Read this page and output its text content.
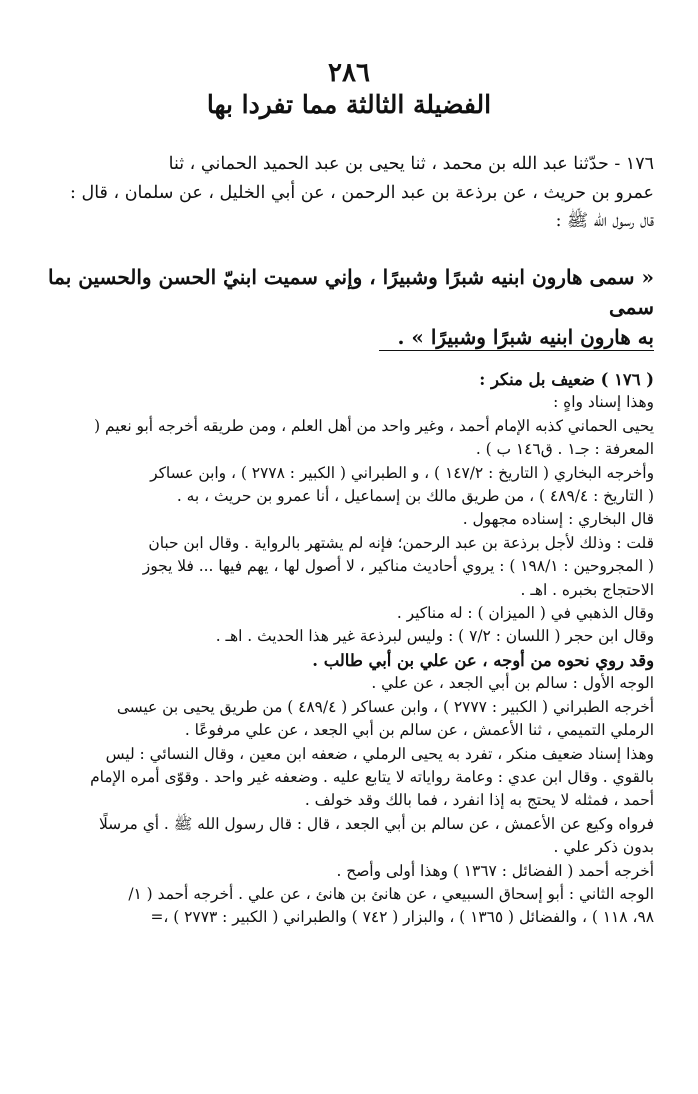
٢٨٦
الفضيلة الثالثة مما تفردا بها

١٧٦ - حدّثنا عبد الله بن محمد ، ثنا يحيى بن عبد الحميد الحماني ، ثنا

عمرو بن حريث ، عن برذعة بن عبد الرحمن ، عن أبي الخليل ، عن سلمان ، قال :

قال رسول الله ﷺ :

« سمى هارون ابنيه شبرًا وشبيرًا ، وإني سميت ابنيّ الحسن والحسين بما سمى
به هارون ابنيه شبرًا وشبيرًا » .

( ١٧٦ ) ضعيف بل منكر :

وهذا إسناد واهٍ :

يحيى الحماني كذبه الإمام أحمد ، وغير واحد من أهل العلم ، ومن طريقه أخرجه أبو نعيم (

المعرفة : جـ١ . ق١٤٦ ب ) .

وأخرجه البخاري ( التاريخ : ١٤٧/٢ ) ، و الطبراني ( الكبير : ٢٧٧٨ ) ، وابن عساكر

( التاريخ : ٤٨٩/٤ ) ، من طريق مالك بن إسماعيل ، أنا عمرو بن حريث ، به .

قال البخاري : إسناده مجهول .

قلت : وذلك لأجل برذعة بن عبد الرحمن؛ فإنه لم يشتهر بالرواية . وقال ابن حبان

( المجروحين : ١٩٨/١ ) : يروي أحاديث مناكير ، لا أصول لها ، يهم فيها ... فلا يجوز

الاحتجاج بخبره . اهـ .

وقال الذهبي في ( الميزان ) : له مناكير .

وقال ابن حجر ( اللسان : ٧/٢ ) : وليس لبرذعة غير هذا الحديث . اهـ .

وقد روي نحوه من أوجه ، عن علي بن أبي طالب .

الوجه الأول : سالم بن أبي الجعد ، عن علي .

أخرجه الطبراني ( الكبير : ٢٧٧٧ ) ، وابن عساكر ( ٤٨٩/٤ ) من طريق يحيى بن عيسى

الرملي التميمي ، ثنا الأعمش ، عن سالم بن أبي الجعد ، عن علي مرفوعًا .

وهذا إسناد ضعيف منكر ، تفرد به يحيى الرملي ، ضعفه ابن معين ، وقال النسائي : ليس

بالقوي . وقال ابن عدي : وعامة رواياته لا يتابع عليه . وضعفه غير واحد . وقوّى أمره الإمام

أحمد ، فمثله لا يحتج به إذا انفرد ، فما بالك وقد خولف .

فرواه وكيع عن الأعمش ، عن سالم بن أبي الجعد ، قال : قال رسول الله ﷺ . أي مرسلًا

بدون ذكر علي .

أخرجه أحمد ( الفضائل : ١٣٦٧ ) وهذا أولى وأصح .

الوجه الثاني : أبو إسحاق السبيعي ، عن هانئ بن هانئ ، عن علي . أخرجه أحمد ( ١/

٩٨، ١١٨ ) ، والفضائل ( ١٣٦٥ ) ، والبزار ( ٧٤٢ ) والطبراني ( الكبير : ٢٧٧٣ ) ،=
